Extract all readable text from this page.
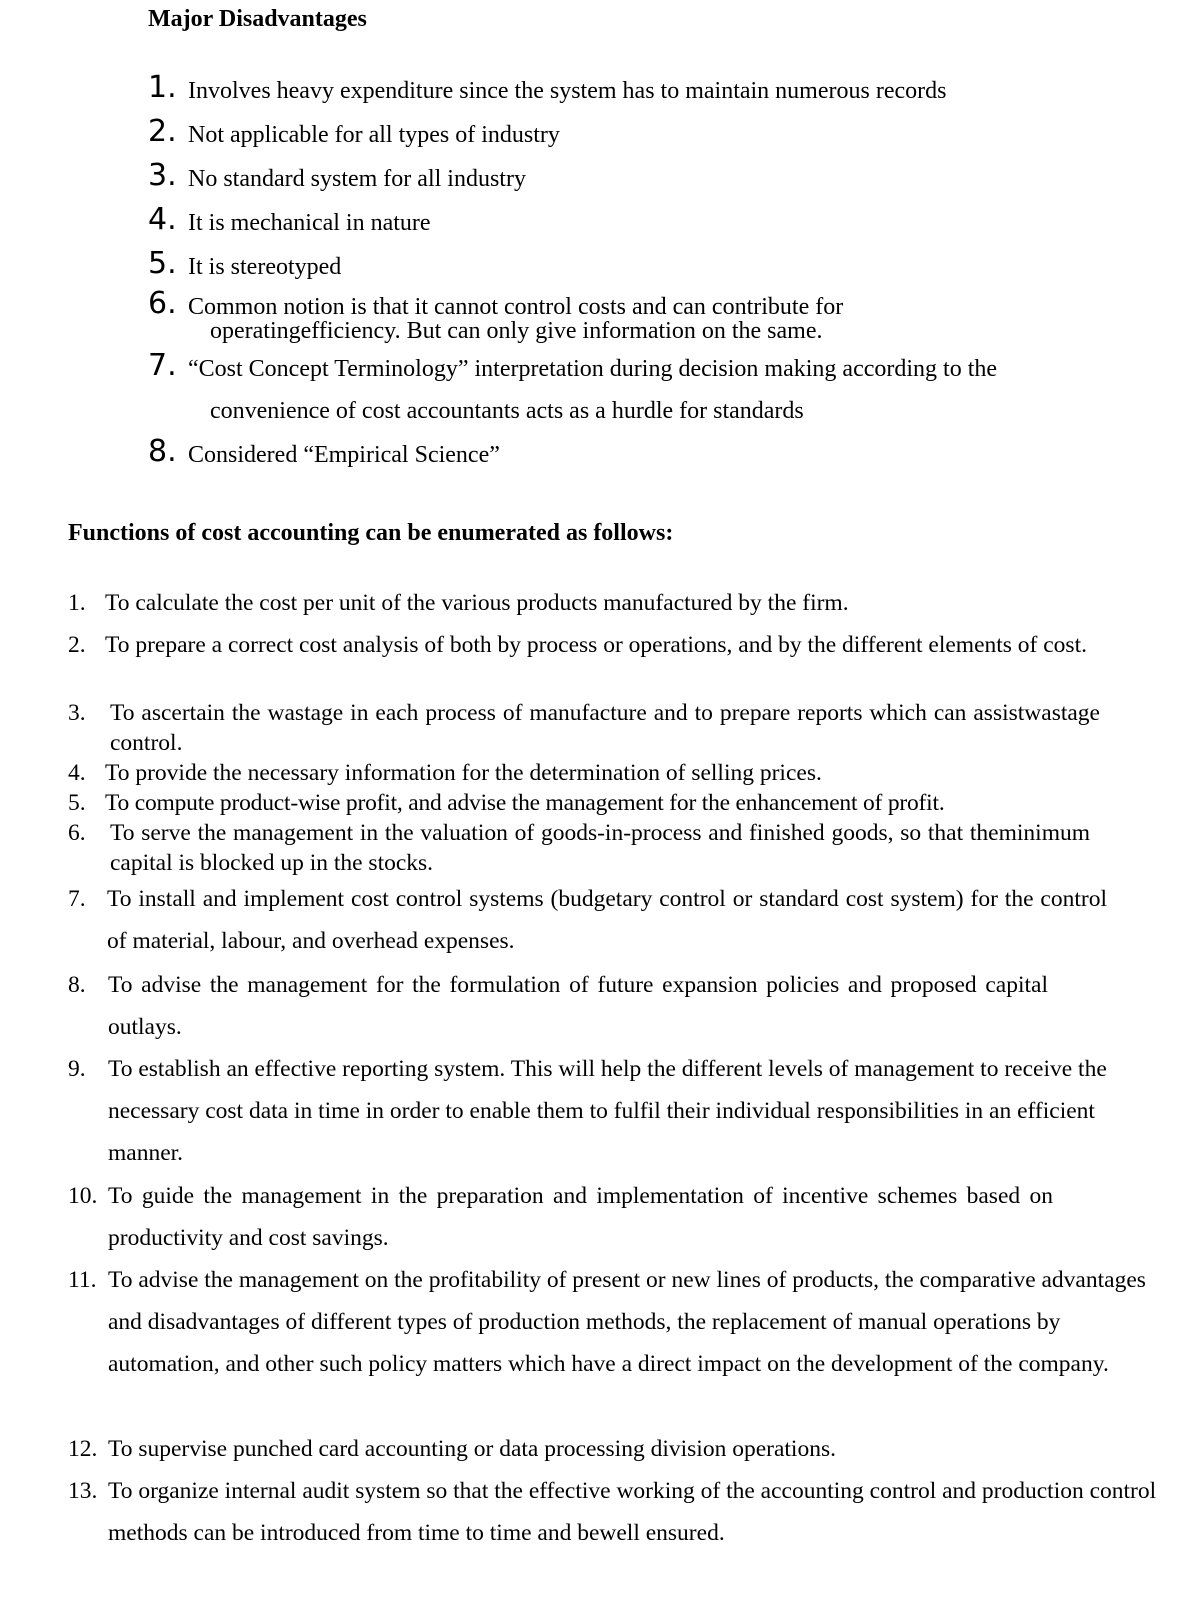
Major Disadvantages
1. Involves heavy expenditure since the system has to maintain numerous records
2. Not applicable for all types of industry
3. No standard system for all industry
4. It is mechanical in nature
5. It is stereotyped
6. Common notion is that it cannot control costs and can contribute for
operatingefficiency. But can only give information on the same.
7. “Cost Concept Terminology” interpretation during decision making according to the
convenience of cost accountants acts as a hurdle for standards
8. Considered “Empirical Science”
Functions of cost accounting can be enumerated as follows:
1. To calculate the cost per unit of the various products manufactured by the firm.
2. To prepare a correct cost analysis of both by process or operations, and by the different elements of cost.
3. To ascertain the wastage in each process of manufacture and to prepare reports which can assistwastage control.
4. To provide the necessary information for the determination of selling prices.
5. To compute product-wise profit, and advise the management for the enhancement of profit.
6. To serve the management in the valuation of goods-in-process and finished goods, so that theminimum capital is blocked up in the stocks.
7. To install and implement cost control systems (budgetary control or standard cost system) for the control of material, labour, and overhead expenses.
8. To advise the management for the formulation of future expansion policies and proposed capital outlays.
9. To establish an effective reporting system. This will help the different levels of management to receive the necessary cost data in time in order to enable them to fulfil their individual responsibilities in an efficient manner.
10. To guide the management in the preparation and implementation of incentive schemes based on productivity and cost savings.
11. To advise the management on the profitability of present or new lines of products, the comparative advantages and disadvantages of different types of production methods, the replacement of manual operations by automation, and other such policy matters which have a direct impact on the development of the company.
12. To supervise punched card accounting or data processing division operations.
13. To organize internal audit system so that the effective working of the accounting control and production control methods can be introduced from time to time and bewell ensured.
